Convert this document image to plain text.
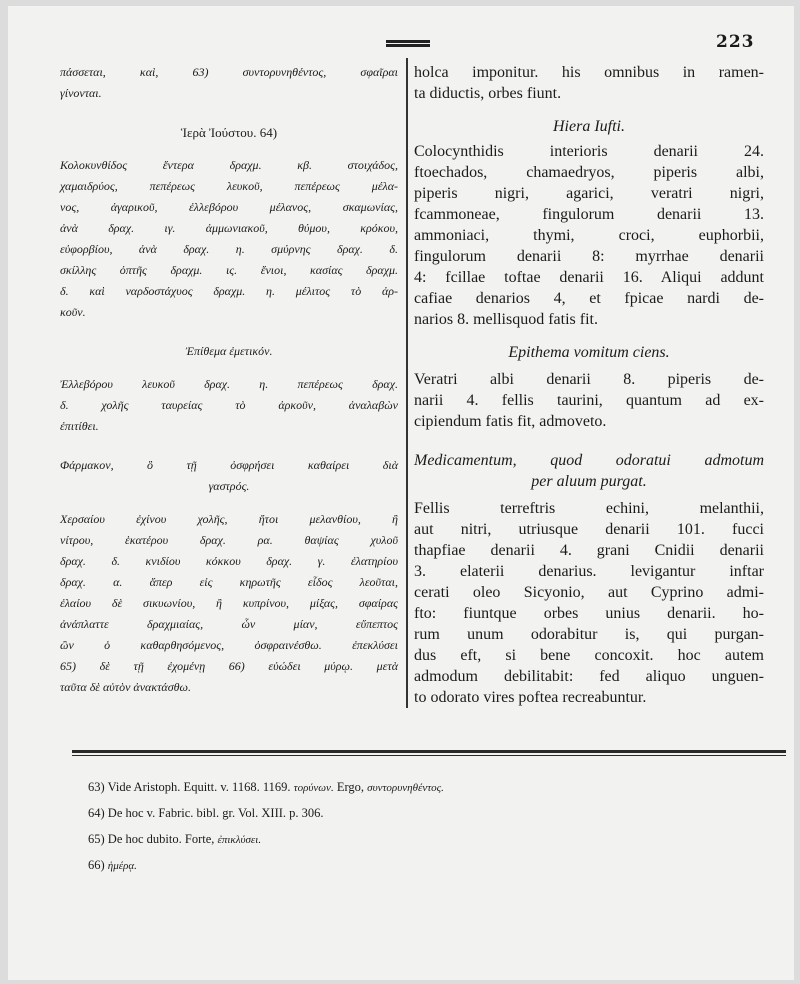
223
πάσσεται, καὶ, 63) συντορυνηθέντος, σφαῖραι
γίνονται.
Ἱερὰ Ἰούστου. 64)
Κολοκυνθίδος ἔντερα δραχμ. κβ. στοιχάδος,
χαμαιδρύος, πεπέρεως λευκοῦ, πεπέρεως μέλα-
νος, ἀγαρικοῦ, ἐλλεβόρου μέλανος, σκαμωνίας,
ἀνὰ δραχ. ιγ. ἀμμωνιακοῦ, θύμου, κρόκου,
εὐφορβίου, ἀνὰ δραχ. η. σμύρνης δραχ. δ.
σκίλλης ὀπτῆς δραχμ. ις. ἔνιοι, κασίας δραχμ.
δ. καὶ ναρδοστάχυος δραχμ. η. μέλιτος τὸ ἀρ-
κοῦν.
Ἐπίθεμα ἐμετικόν.
Ἐλλεβόρου λευκοῦ δραχ. η. πεπέρεως δραχ.
δ. χολῆς ταυρείας τὸ ἀρκοῦν, ἀναλαβὼν
ἐπιτίθει.
Φάρμακον, ὃ τῇ ὀσφρήσει καθαίρει διὰ
γαστρός.
Χερσαίου ἐχίνου χολῆς, ἤτοι μελανθίου, ἢ
νίτρου, ἑκατέρου δραχ. ρα. θαψίας χυλοῦ
δραχ. δ. κνιδίου κόκκου δραχ. γ. ἐλατηρίου
δραχ. α. ἅπερ εἰς κηρωτῆς εἶδος λεοῦται,
ἐλαίου δὲ σικυωνίου, ἢ κυπρίνου, μίξας, σφαίρας
ἀνάπλαττε δραχμιαίας, ὧν μίαν, εὔπεπτος
ὢν ὁ καθαρθησόμενος, ὀσφραινέσθω. ἐπεκλύσει
65) δὲ τῇ ἐχομένῃ 66) εὐώδει μύρῳ. μετὰ
ταῦτα δὲ αὐτὸν ἀνακτάσθω.
holca imponitur. his omnibus in ramen-
ta diductis, orbes fiunt.
Hiera Iufti.
Colocynthidis interioris denarii 24.
ftoechados, chamaedryos, piperis albi,
piperis nigri, agarici, veratri nigri,
fcammoneae, fingulorum denarii 13.
ammoniaci, thymi, croci, euphorbii,
fingulorum denarii 8: myrrhae denarii
4: fcillae toftae denarii 16. Aliqui addunt
cafiae denarios 4, et fpicae nardi de-
narios 8. mellisquod fatis fit.
Epithema vomitum ciens.
Veratri albi denarii 8. piperis de-
narii 4. fellis taurini, quantum ad ex-
cipiendum fatis fit, admoveto.
Medicamentum, quod odoratui admotum
per aluum purgat.
Fellis terreftris echini, melanthii,
aut nitri, utriusque denarii 101. fucci
thapfiae denarii 4. grani Cnidii denarii
3. elaterii denarius. levigantur inftar
cerati oleo Sicyonio, aut Cyprino admi-
fto: fiuntque orbes unius denarii. ho-
rum unum odorabitur is, qui purgan-
dus eft, si bene concoxit. hoc autem
admodum debilitabit: fed aliquo unguen-
to odorato vires poftea recreabuntur.
63) Vide Aristoph. Equitt. v. 1168. 1169. τορύνων. Ergo, συντορυνηθέντος.
64) De hoc v. Fabric. bibl. gr. Vol. XIII. p. 306.
65) De hoc dubito. Forte, ἐπικλύσει.
66) ἡμέρᾳ.
